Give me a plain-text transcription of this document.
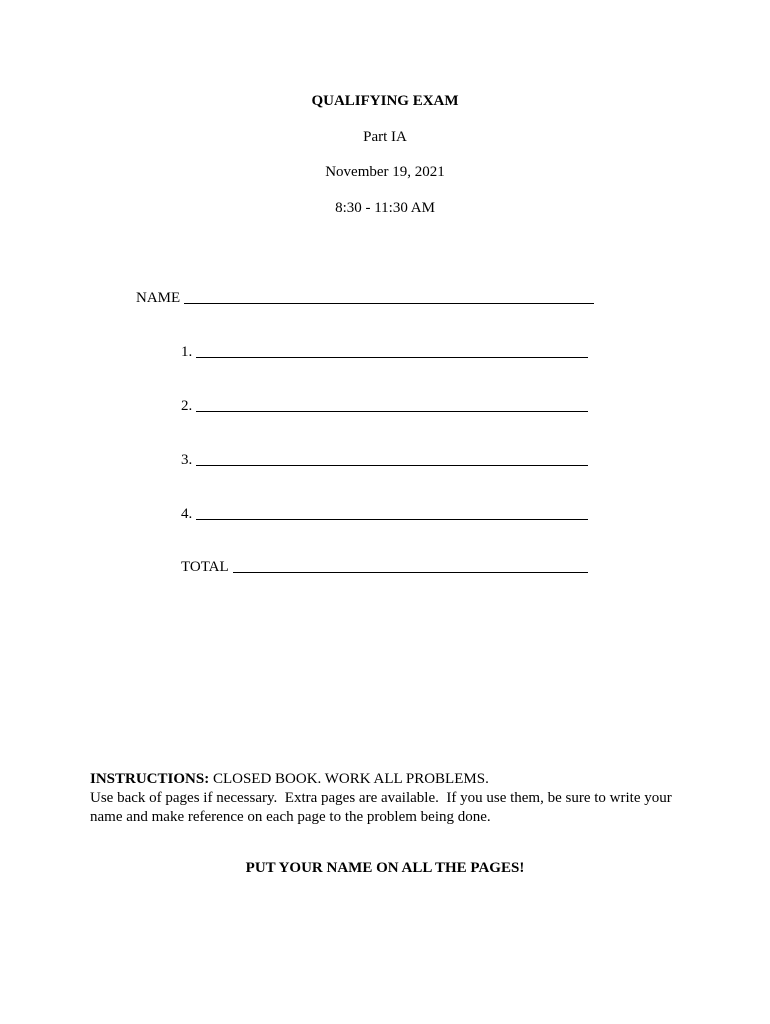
QUALIFYING EXAM
Part IA
November 19, 2021
8:30 - 11:30 AM
NAME
1.
2.
3.
4.
TOTAL
INSTRUCTIONS: CLOSED BOOK. WORK ALL PROBLEMS.
Use back of pages if necessary.  Extra pages are available.  If you use them, be sure to write your
name and make reference on each page to the problem being done.
PUT YOUR NAME ON ALL THE PAGES!
